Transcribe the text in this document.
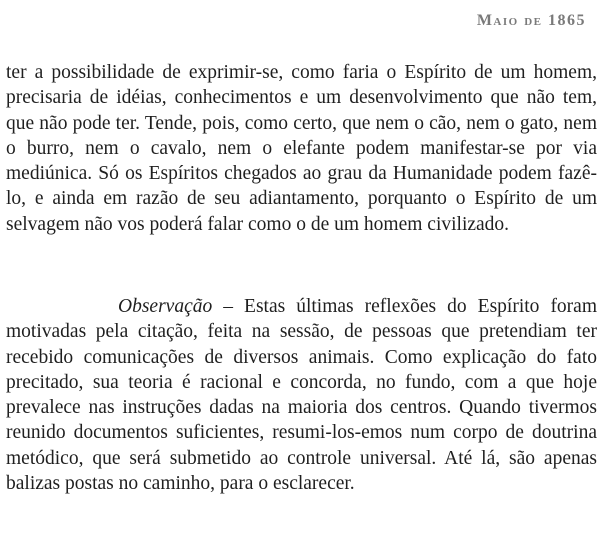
Maio de 1865

ter a possibilidade de exprimir-se, como faria o Espírito de um homem, precisaria de idéias, conhecimentos e um desenvolvimento que não tem, que não pode ter. Tende, pois, como certo, que nem o cão, nem o gato, nem o burro, nem o cavalo, nem o elefante podem manifestar-se por via mediúnica. Só os Espíritos chegados ao grau da Humanidade podem fazê-lo, e ainda em razão de seu adiantamento, porquanto o Espírito de um selvagem não vos poderá falar como o de um homem civilizado.

Observação – Estas últimas reflexões do Espírito foram motivadas pela citação, feita na sessão, de pessoas que pretendiam ter recebido comunicações de diversos animais. Como explicação do fato precitado, sua teoria é racional e concorda, no fundo, com a que hoje prevalece nas instruções dadas na maioria dos centros. Quando tivermos reunido documentos suficientes, resumi-los-emos num corpo de doutrina metódico, que será submetido ao controle universal. Até lá, são apenas balizas postas no caminho, para o esclarecer.
